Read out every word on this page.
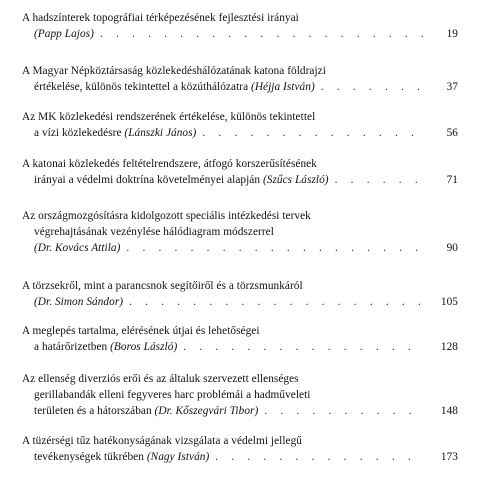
A hadszínterek topográfiai térképezésének fejlesztési irányai
(Papp Lajos) . . .	19
A Magyar Népköztársaság közlekedéshálózatának katona földrajzi
értékelése, különös tekintettel a közúthálózatra (Héjja István) . . .	37
Az MK közlekedési rendszerének értékelése, különös tekintettel
a vízi közlekedésre (Lánszki János) . . .	56
A katonai közlekedés feltételrendszere, átfogó korszerűsítésének
irányai a védelmi doktrína követelményei alapján (Szűcs László) . . .	71
Az országmozgósításra kidolgozott speciális intézkedési tervek
végrehajtásának vezénylése hálódiagram módszerrel
(Dr. Kovács Attila) . . .	90
A törzsekről, mint a parancsnok segítőiről és a törzsmunkáról
(Dr. Simon Sándor) . . .	105
A meglepés tartalma, elérésének útjai és lehetőségei
a határőrizetben (Boros László) . . .	128
Az ellenség diverziós erői és az általuk szervezett ellenséges
gerillabandák elleni fegyveres harc problémái a hadműveleti
területen és a hátorszában (Dr. Kőszegvári Tibor) . . .	148
A tüzérségi tűz hatékonyságának vizsgálata a védelmi jellegű
tevékenységek tükrében (Nagy István) . . .	173
